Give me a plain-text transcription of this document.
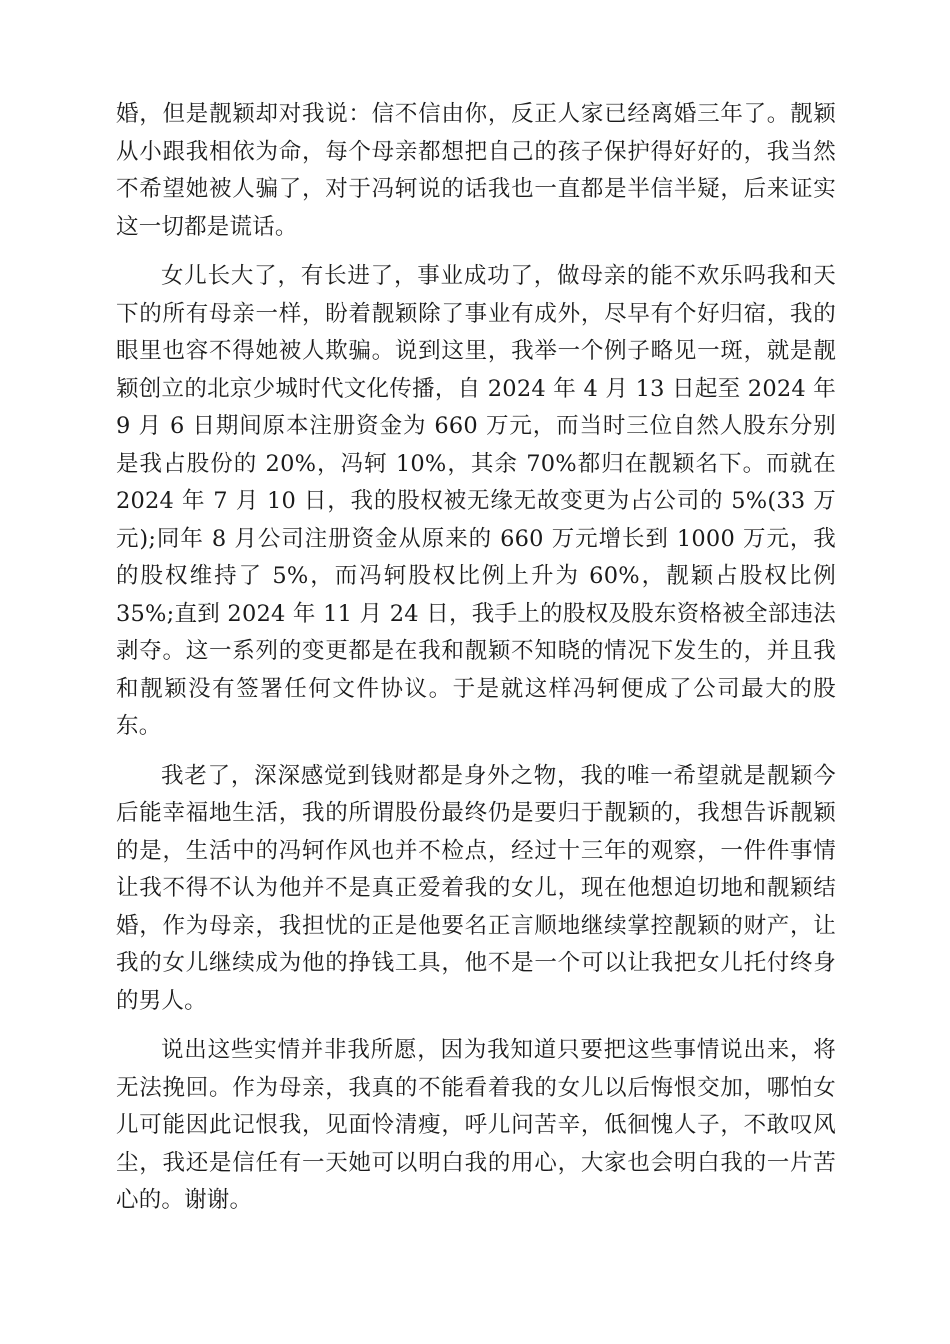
婚，但是靓颖却对我说：信不信由你，反正人家已经离婚三年了。靓颖从小跟我相依为命，每个母亲都想把自己的孩子保护得好好的，我当然不希望她被人骗了，对于冯轲说的话我也一直都是半信半疑，后来证实这一切都是谎话。

女儿长大了，有长进了，事业成功了，做母亲的能不欢乐吗我和天下的所有母亲一样，盼着靓颖除了事业有成外，尽早有个好归宿，我的眼里也容不得她被人欺骗。说到这里，我举一个例子略见一斑，就是靓颖创立的北京少城时代文化传播，自 2024 年 4 月 13 日起至 2024 年 9 月 6 日期间原本注册资金为 660 万元，而当时三位自然人股东分别是我占股份的 20%，冯轲 10%，其余 70%都归在靓颖名下。而就在 2024 年 7 月 10 日，我的股权被无缘无故变更为占公司的 5%(33 万元);同年 8 月公司注册资金从原来的 660 万元增长到 1000 万元，我的股权维持了 5%，而冯轲股权比例上升为 60%，靓颖占股权比例 35%;直到 2024 年 11 月 24 日，我手上的股权及股东资格被全部违法剥夺。这一系列的变更都是在我和靓颖不知晓的情况下发生的，并且我和靓颖没有签署任何文件协议。于是就这样冯轲便成了公司最大的股东。

我老了，深深感觉到钱财都是身外之物，我的唯一希望就是靓颖今后能幸福地生活，我的所谓股份最终仍是要归于靓颖的，我想告诉靓颖的是，生活中的冯轲作风也并不检点，经过十三年的观察，一件件事情让我不得不认为他并不是真正爱着我的女儿，现在他想迫切地和靓颖结婚，作为母亲，我担忧的正是他要名正言顺地继续掌控靓颖的财产，让我的女儿继续成为他的挣钱工具，他不是一个可以让我把女儿托付终身的男人。

说出这些实情并非我所愿，因为我知道只要把这些事情说出来，将无法挽回。作为母亲，我真的不能看着我的女儿以后悔恨交加，哪怕女儿可能因此记恨我，见面怜清瘦，呼儿问苦辛，低徊愧人子，不敢叹风尘，我还是信任有一天她可以明白我的用心，大家也会明白我的一片苦心的。谢谢。
